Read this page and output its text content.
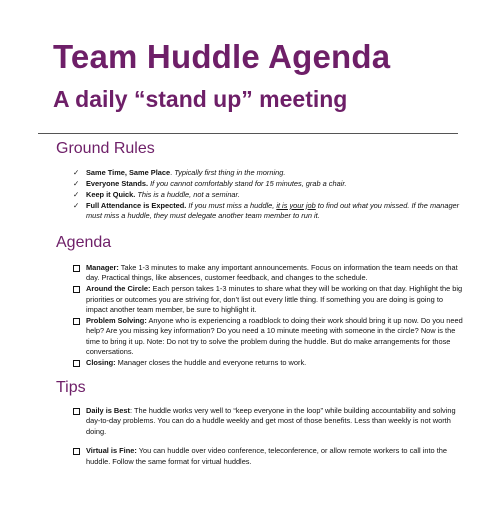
Team Huddle Agenda
A daily “stand up” meeting
Ground Rules
✓ Same Time, Same Place. Typically first thing in the morning.
✓ Everyone Stands. If you cannot comfortably stand for 15 minutes, grab a chair.
✓ Keep it Quick. This is a huddle, not a seminar.
✓ Full Attendance is Expected. If you must miss a huddle, it is your job to find out what you missed. If the manager must miss a huddle, they must delegate another team member to run it.
Agenda
Manager: Take 1-3 minutes to make any important announcements. Focus on information the team needs on that day. Practical things, like absences, customer feedback, and changes to the schedule.
Around the Circle: Each person takes 1-3 minutes to share what they will be working on that day. Highlight the big priorities or outcomes you are striving for, don’t list out every little thing. If something you are doing is going to impact another team member, be sure to highlight it.
Problem Solving: Anyone who is experiencing a roadblock to doing their work should bring it up now. Do you need help? Are you missing key information? Do you need a 10 minute meeting with someone in the circle? Now is the time to bring it up. Note: Do not try to solve the problem during the huddle. But do make arrangements for those conversations.
Closing: Manager closes the huddle and everyone returns to work.
Tips
Daily is Best: The huddle works very well to “keep everyone in the loop” while building accountability and solving day-to-day problems. You can do a huddle weekly and get most of those benefits. Less than weekly is not worth doing.
Virtual is Fine: You can huddle over video conference, teleconference, or allow remote workers to call into the huddle. Follow the same format for virtual huddles.
